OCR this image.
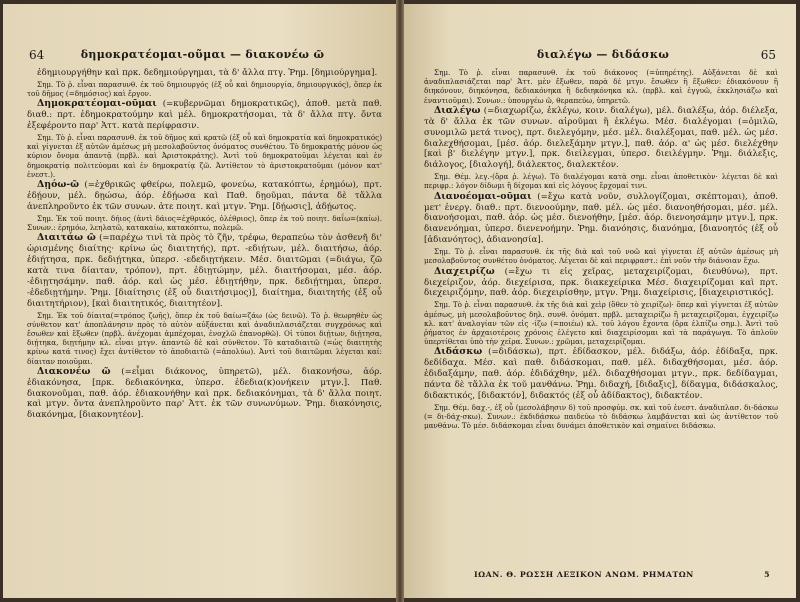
64	δημοκρατέομαι-οῦμαι — διακονέω ῶ

ἐδημιουργήθην καὶ πρκ. δεδημιούργημαι, τὰ δ' ἄλλα πτγ. Ῥημ. [δημιούργημα].

Σημ. Τὸ ῥ. εἶναι παρασυνθ. ἐκ τοῦ δημιουργός (ἐξ οὗ καὶ δημιουργία, δημιουργικός), ὅπερ ἐκ τοῦ δῆμος (=δημόσιος) καὶ ἔργον.

Δημοκρατέομαι-οῦμαι (=κυβερνῶμαι δημοκρατικῶς), ἀποθ. μετὰ παθ. διαθ.: πρτ. ἐδημοκρατούμην καὶ μέλ. δημοκρατήσομαι, τὰ δ' ἄλλα πτγ. ὄντα ἐξεφέροντο παρ' Ἀττ. κατὰ περίφρασιν.

Σημ. Τὸ ῥ. εἶναι παρασυνθ. ἐκ τοῦ δῆμος καὶ κρατῶ (ἐξ οὗ καὶ δημοκρατία καὶ δημοκρατικός) καὶ γίγνεται ἐξ αὐτῶν ἀμέσως μὴ μεσολαβοῦντος ὀνόματος συνθέτου. Τὸ δημοκρατής μόνον ὡς κύριον ὄνομα ἀπαντᾷ (πρβλ. καὶ Ἀριστοκράτης). Ἀντὶ τοῦ δημοκρατοῦμαι λέγεται καὶ ἐν δημοκρατίᾳ πολιτεύομαι καὶ ἐν δημοκρατίᾳ ζῶ. Ἀντίθετον τὸ ἀριστοκρατοῦμαι (μόνον κατ' ἐνεστ.).

Δῃόω-ῶ (=ἐχθρικῶς φθείρω, πολεμῶ, φονεύω, κατακόπτω, ἐρημόω), πρτ. ἐδῄουν, μέλ. δῃώσω, ἀόρ. ἐδῄωσα καὶ Παθ. δῃοῦμαι, πάντα δὲ τἄλλα ἀνεπληροῦντο ἐκ τῶν συνων. ἀτε ποιητ. καὶ μτγν. Ῥημ. [δῄωσις], ἀδῄωτος.

Σημ. Ἐκ τοῦ ποιητ. δήιος (ἀντὶ δάιος=ἐχθρικός, ὀλέθριος), ὅπερ ἐκ τοῦ ποιητ. δαΐω=(καίω). Συνων.: ἐρημόω, λεηλατῶ, κατακαίω, κατακόπτω, πολεμῶ.

Διαιτάω ῶ (=παρέχω τινὶ τὰ πρὸς τὸ ζῆν, τρέφω, θεραπεύω τὸν ἀσθενῆ δι' ὡρισμένης διαίτης· κρίνω ὡς διαιτητής), πρτ. -εδιῄτων, μέλ. διαιτήσω, ἀόρ. ἐδιῄτησα, πρκ. δεδιῄτηκα, ὑπερσ. -εδεδιῃτήκειν. Μέσ. διαιτῶμαι (=διάγω, ζῶ κατὰ τινα δίαιταν, τρόπον), πρτ. ἐδιῃτώμην, μέλ. διαιτήσομαι, μέσ. ἀόρ. -ἐδιῃτησάμην. παθ. ἀόρ. καὶ ὡς μέσ. ἐδιῃτήθην, πρκ. δεδιῄτημαι, ὑπερσ. -ἐδεδιῃτήμην. Ῥημ. [διαίτησις (ἐξ οὗ διαιτήσιμος)], διαίτημα, διαιτητής (ἐξ οὗ διαιτητήριον), [καὶ διαιτητικός, διαιτητέον].

Σημ. Ἐκ τοῦ δίαιτα(=τρόπος ζωῆς), ὅπερ ἐκ τοῦ δαίω=ζάω (ὡς δεινῶ). Τὸ ῥ. θεωρηθὲν ὡς σύνθετον κατ' ἀποπλάνησιν πρὸς τὸ αὐτὸν αὐξάνεται καὶ ἀναδιπλασιάζεται συγχρόνως καὶ ἔσωθεν καὶ ἔξωθεν (πρβλ. ἀνέχομαι ἀμπέχομαι, ἐνοχλῶ ἐπανορθῶ). Οἱ τύποι διῄτων, διῄτησα, διῄτηκα, διῃτήμην κλ. εἶναι μτγν. ἀπαντῶ δὲ καὶ σύνθετον. Τὸ καταδιαιτῶ (=ὡς διαιτητὴς κρίνω κατά τινος) ἔχει ἀντίθετον τὸ ἀποδιαιτῶ (=ἀπολύω). Ἀντὶ τοῦ διαιτῶμαι λέγεται καί: δίαιταν ποιοῦμαι.

Διακονέω ῶ (=εἶμαι διάκονος, ὑπηρετῶ), μέλ. διακονήσω, ἀόρ. ἐδιακόνησα, [πρκ. δεδιακόνηκα, ὑπερσ. ἐδεδια(κ)ονήκειν μτγν.]. Παθ. διακονοῦμαι, παθ. ἀόρ. ἐδιακονήθην καὶ πρκ. δεδιακόνημαι, τὰ δ' ἄλλα ποιητ. καὶ μτγν. ὄντα ἀνεπληροῦντο παρ' Ἀττ. ἐκ τῶν συνωνύμων. Ῥημ. διακόνησις, διακόνημα, [διακονητέον].

διαλέγω — διδάσκω	65

Σημ. Τὸ ῥ. εἶναι παρασυνθ. ἐκ τοῦ διάκονος (=ὑπηρέτης). Αὐξάνεται δὲ καὶ ἀναδιπλασιάζεται παρ' Ἀττ. μὲν ἔξωθεν, παρὰ δὲ μτγν. ἔσωθεν ἢ ἔξωθεν: ἐδιακόνουν ἢ διηκόνουν, διηκόνησα, δεδιακόνηκα ἢ δεδιηκόνηκα κλ. (πρβλ. καὶ ἐγγυῶ, ἐκκλησιάζω καὶ ἐναντιοῦμαι). Συνων.: ὑπουργέω ῶ, θεραπεύω, ὑπηρετῶ.

Διαλέγω (=διαχωρίζω, ἐκλέγω, κοιν. διαλέγω), μέλ. διαλέξω, ἀόρ. διέλεξα, τὰ δ' ἄλλα ἐκ τῶν συνων. αἱροῦμαι ἢ ἐκλέγω. Μέσ. διαλέγομαι (=ὁμιλῶ, συνομιλῶ μετά τινος), πρτ. διελεγόμην, μέσ. μέλ. διαλέξομαι, παθ. μέλ. ὡς μέσ. διαλεχθήσομαι, [μέσ. ἀόρ. διελεξάμην μτγν.], παθ. ἀόρ. α' ὡς μέσ. διελέχθην [καὶ β' διελέγην μτγν.], πρκ. διείλεγμαι, ὑπερσ. διειλέγμην. Ῥημ. διάλεξις, διάλογος, [διαλογή], διάλεκτος, διαλεκτέον.

Σημ. Θέμ. λεγ.-(ὅρα ῥ. λέγω). Τὸ διαλέγομαι κατὰ σημ. εἶναι ἀποθετικὸν· λέγεται δὲ καὶ περιφρ.: λόγον δίδωμι ἢ δίχομαι καὶ εἰς λόγους ἔρχομαί τινι.

Διανοέομαι-οῦμαι (=ἔχω κατὰ νοῦν, συλλογίζομαι, σκέπτομαι), ἀποθ. μετ' ἐνεργ. διαθ.: πρτ. διενοούμην, παθ. μέλ. ὡς μέσ. διανοηθήσομαι, μέσ. μέλ. διανοήσομαι, παθ. ἀόρ. ὡς μέσ. διενοήθην, [μέσ. ἀόρ. διενοησάμην μτγν.], πρκ. διανενόημαι, ὑπερσ. διενενοήμην. Ῥημ. διανόησις, διανόημα, [διανοητός (ἐξ οὗ [ἀδιανόητος), ἀδιανοησία].

Σημ. Τὸ ῥ. εἶναι παρασυνθ. ἐκ τῆς διὰ καὶ τοῦ νοῶ καὶ γίγνεται ἐξ αὐτῶν ἀμέσως μὴ μεσολαβοῦντος συνθέτου ὀνόματος. Λέγεται δὲ καὶ περιφραστ.: ἐπὶ νοῦν τὴν διάνοιαν ἔχω.

Διαχειρίζω (=ἔχω τι εἰς χεῖρας, μεταχειρίζομαι, διευθύνω), πρτ. διεχείριζον, ἀόρ. διεχείρισα, πρκ. διακεχείρικα Μέσ. διαχειρίζομαι καὶ πρτ. διεχειριζόμην, παθ. ἀόρ. διεχειρίσθην, μτγν. Ῥημ. διαχείρισις, [διαχειριστικός].

Σημ. Τὸ ῥ. εἶναι παρασυνθ. ἐκ τῆς διὰ καὶ χεὶρ (ὅθεν τὸ χειρίζω)· ὅπερ καὶ γίγνεται ἐξ αὐτῶν ἀμέσως, μὴ μεσολαβοῦντος δηλ. συνθ. ὀνόματ. πρβλ. μεταχειρίζω ἢ μεταχειρίζομαι, ἐγχειρίζω κλ. κατ' ἀναλογίαν τῶν εἰς -ίζω (=ποιέω) κλ. τοῦ λόγου ἔχοντα (ὅρα ἐλπίζω σημ.). Ἀντὶ τοῦ ῥήματος ἐν ἀρχαιοτέροις χρόνοις ἐλέγετο καὶ διαχειρίσομαι καὶ τὰ παράγωγα. Τὸ ἁπλοῦν ὑπερτίθεται ὑπὸ τὴν χεῖρα. Συνων.: χρῶμαι, μεταχειρίζομαι.

Διδάσκω (=διδάσκω), πρτ. ἐδίδασκον, μέλ. διδάξω, ἀόρ. ἐδίδαξα, πρκ. δεδίδαχα. Μέσ. καὶ παθ. διδάσκομαι, παθ. μέλ. διδαχθήσομαι, μέσ. ἀόρ. ἐδιδαξάμην, παθ. ἀόρ. ἐδιδάχθην, μέλ. διδαχθήσομαι μτγν., πρκ. δεδίδαγμαι, πάντα δὲ τἄλλα ἐκ τοῦ μανθάνω. Ῥημ. διδαχή, [διδαξις], δίδαγμα, διδάσκαλος, διδακτικός, [διδακτόν], διδακτός (ἐξ οὗ ἀδίδακτος), διδακτέον.

Σημ. Θέμ. δαχ.-, ἐξ οὗ (μεσολάβησιν δ) τοῦ προσφύμ. σκ. καὶ τοῦ ἐνεστ. ἀναδιπλασ. δι-δάσκω (= δι-δάχ-σκω). Συνων.: ἐκδιδάσκω παιδεύω τὸ διδάσκω λαμβάνεται καὶ ὡς ἀντίθετον τοῦ μανθάνω. Τὸ μέσ. διδάσκομαι εἶναι δυνάμει ἀποθετικὸν καὶ σημαίνει διδάσκω.

ΙΩΑΝ. Θ. ΡΩΣΣΗ ΛΕΞΙΚΟΝ ΑΝΩΜ. ΡΗΜΑΤΩΝ	5
